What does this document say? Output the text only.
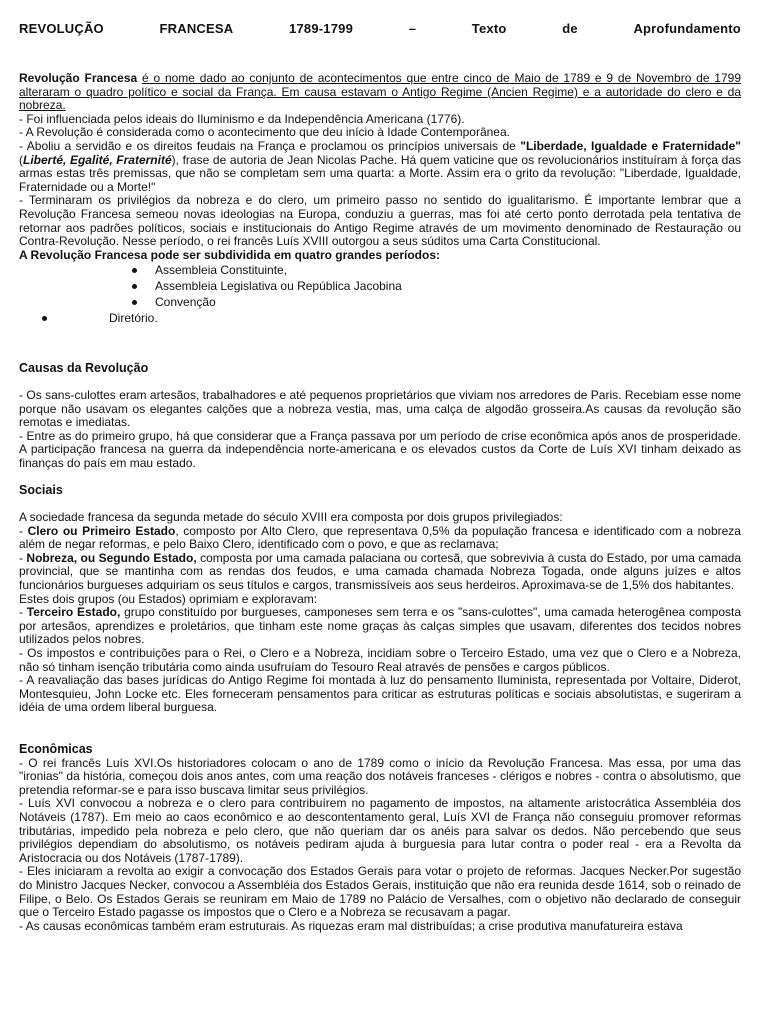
REVOLUÇÃO	FRANCESA	1789-1799	–	Texto	de	Aprofundamento

Revolução Francesa é o nome dado ao conjunto de acontecimentos que entre cinco de Maio de 1789 e 9 de Novembro de 1799 alteraram o quadro político e social da França. Em causa estavam o Antigo Regime (Ancien Regime) e a autoridade do clero e da nobreza.

- Foi influenciada pelos ideais do Iluminismo e da Independência Americana (1776).

- A Revolução é considerada como o acontecimento que deu início à Idade Contemporânea.

- Aboliu a servidão e os direitos feudais na França e proclamou os princípios universais de "Liberdade, Igualdade e Fraternidade" (Liberté, Egalité, Fraternité), frase de autoria de Jean Nicolas Pache. Há quem vaticine que os revolucionários instituíram à força das armas estas três premissas, que não se completam sem uma quarta: a Morte. Assim era o grito da revolução: "Liberdade, Igualdade, Fraternidade ou a Morte!"

- Terminaram os privilégios da nobreza e do clero, um primeiro passo no sentido do igualitarismo. É importante lembrar que a Revolução Francesa semeou novas ideologias na Europa, conduziu a guerras, mas foi até certo ponto derrotada pela tentativa de retornar aos padrões políticos, sociais e institucionais do Antigo Regime através de um movimento denominado de Restauração ou Contra-Revolução. Nesse período, o rei francês Luís XVIII outorgou a seus súditos uma Carta Constitucional.

A Revolução Francesa pode ser subdividida em quatro grandes períodos:

Assembleia Constituinte,
Assembleia Legislativa ou República Jacobina
Convenção
Diretório.

Causas da Revolução

- Os sans-culottes eram artesãos, trabalhadores e até pequenos proprietários que viviam nos arredores de Paris. Recebiam esse nome porque não usavam os elegantes calções que a nobreza vestia, mas, uma calça de algodão grosseira.As causas da revolução são remotas e imediatas.

- Entre as do primeiro grupo, há que considerar que a França passava por um período de crise econômica após anos de prosperidade. A participação francesa na guerra da independência norte-americana e os elevados custos da Corte de Luís XVI tinham deixado as finanças do país em mau estado.

Sociais

A sociedade francesa da segunda metade do século XVIII era composta por dois grupos privilegiados:

- Clero ou Primeiro Estado, composto por Alto Clero, que representava 0,5% da população francesa e identificado com a nobreza além de negar reformas, e pelo Baixo Clero, identificado com o povo, e que as reclamava;

- Nobreza, ou Segundo Estado, composta por uma camada palaciana ou cortesã, que sobrevivia à custa do Estado, por uma camada provincial, que se mantinha com as rendas dos feudos, e uma camada chamada Nobreza Togada, onde alguns juízes e altos funcionários burgueses adquiriam os seus títulos e cargos, transmissíveis aos seus herdeiros. Aproximava-se de 1,5% dos habitantes.

Estes dois grupos (ou Estados) oprimiam e exploravam:

- Terceiro Estado, grupo constituído por burgueses, camponeses sem terra e os "sans-culottes", uma camada heterogênea composta por artesãos, aprendizes e proletários, que tinham este nome graças às calças simples que usavam, diferentes dos tecidos nobres utilizados pelos nobres.

- Os impostos e contribuições para o Rei, o Clero e a Nobreza, incidiam sobre o Terceiro Estado, uma vez que o Clero e a Nobreza, não só tinham isenção tributária como ainda usufruíam do Tesouro Real através de pensões e cargos públicos.

- A reavaliação das bases jurídicas do Antigo Regime foi montada à luz do pensamento Iluminista, representada por Voltaire, Diderot, Montesquieu, John Locke etc. Eles forneceram pensamentos para criticar as estruturas políticas e sociais absolutistas, e sugeriram a idéia de uma ordem liberal burguesa.

Econômicas

- O rei francês Luís XVI.Os historiadores colocam o ano de 1789 como o início da Revolução Francesa. Mas essa, por uma das "ironias" da história, começou dois anos antes, com uma reação dos notáveis franceses - clérigos e nobres - contra o absolutismo, que pretendia reformar-se e para isso buscava limitar seus privilégios.

- Luís XVI convocou a nobreza e o clero para contribuírem no pagamento de impostos, na altamente aristocrática Assembléia dos Notáveis (1787). Em meio ao caos econômico e ao descontentamento geral, Luís XVI de França não conseguiu promover reformas tributárias, impedido pela nobreza e pelo clero, que não queriam dar os anéis para salvar os dedos. Não percebendo que seus privilégios dependiam do absolutismo, os notáveis pediram ajuda à burguesia para lutar contra o poder real - era a Revolta da Aristocracia ou dos Notáveis (1787-1789).

- Eles iniciaram a revolta ao exigir a convocação dos Estados Gerais para votar o projeto de reformas. Jacques Necker.Por sugestão do Ministro Jacques Necker, convocou a Assembléia dos Estados Gerais, instituição que não era reunida desde 1614, sob o reinado de Filipe, o Belo. Os Estados Gerais se reuniram em Maio de 1789 no Palácio de Versalhes, com o objetivo não declarado de conseguir que o Terceiro Estado pagasse os impostos que o Clero e a Nobreza se recusavam a pagar.

- As causas econômicas também eram estruturais. As riquezas eram mal distribuídas; a crise produtiva manufatureira estava
